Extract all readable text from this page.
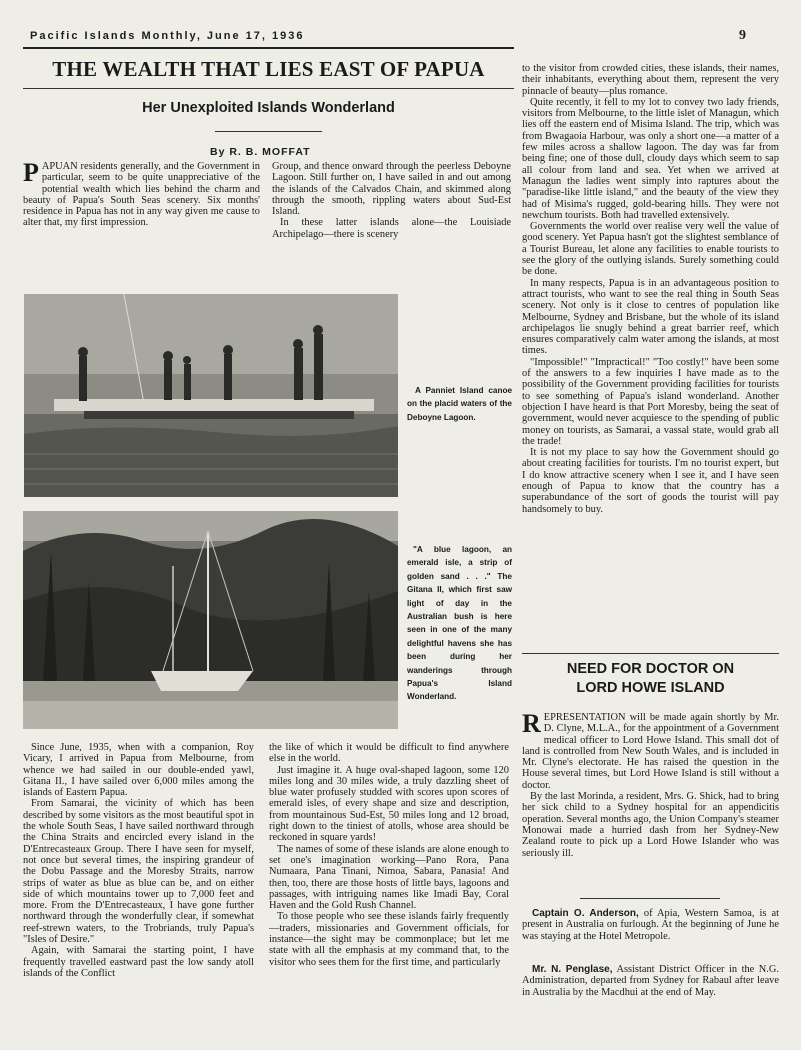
Pacific Islands Monthly, June 17, 1936	9
THE WEALTH THAT LIES EAST OF PAPUA
Her Unexploited Islands Wonderland
By R. B. MOFFAT
PAPUAN residents generally, and the Government in particular, seem to be quite unappreciative of the potential wealth which lies behind the charm and beauty of Papua's South Seas scenery. Six months' residence in Papua has not in any way given me cause to alter that, my first impression.

Group, and thence onward through the peerless Deboyne Lagoon. Still further on, I have sailed in and out among the islands of the Calvados Chain, and skimmed along through the smooth, rippling waters about Sud-Est Island.

In these latter islands alone—the Louisiade Archipelago—there is scenery

A Panniet Island canoe on the placid waters of the Deboyne Lagoon.
"A blue lagoon, an emerald isle, a strip of golden sand . . ." The Gitana II, which first saw light of day in the Australian bush is here seen in one of the many delightful havens she has been during her wanderings through Papua's Island Wonderland.

Since June, 1935, when with a companion, Roy Vicary, I arrived in Papua from Melbourne, from whence we had sailed in our double-ended yawl, Gitana II., I have sailed over 6,000 miles among the islands of Eastern Papua.

From Samarai, the vicinity of which has been described by some visitors as the most beautiful spot in the whole South Seas, I have sailed northward through the China Straits and encircled every island in the D'Entrecasteaux Group. There I have seen for myself, not once but several times, the inspiring grandeur of the Dobu Passage and the Moresby Straits, narrow strips of water as blue as blue can be, and on either side of which mountains tower up to 7,000 feet and more. From the D'Entrecasteaux, I have gone further northward through the wonderfully clear, if somewhat reef-strewn waters, to the Trobriands, truly Papua's "Isles of Desire."

Again, with Samarai the starting point, I have frequently travelled eastward past the low sandy atoll islands of the Conflict

the like of which it would be difficult to find anywhere else in the world.

Just imagine it. A huge oval-shaped lagoon, some 120 miles long and 30 miles wide, a truly dazzling sheet of blue water profusely studded with scores upon scores of emerald isles, of every shape and size and description, from mountainous Sud-Est, 50 miles long and 12 broad, right down to the tiniest of atolls, whose area should be reckoned in square yards!

The names of some of these islands are alone enough to set one's imagination working—Pano Rora, Pana Numaara, Pana Tinani, Nimoa, Sabara, Panasia! And then, too, there are those hosts of little bays, lagoons and passages, with intriguing names like Imadi Bay, Coral Haven and the Gold Rush Channel.

To those people who see these islands fairly frequently—traders, missionaries and Government officials, for instance—the sight may be commonplace; but let me state with all the emphasis at my command that, to the visitor who sees them for the first time, and particularly

to the visitor from crowded cities, these islands, their names, their inhabitants, everything about them, represent the very pinnacle of beauty—plus romance.

Quite recently, it fell to my lot to convey two lady friends, visitors from Melbourne, to the little islet of Managun, which lies off the eastern end of Misima Island. The trip, which was from Bwagaoia Harbour, was only a short one—a matter of a few miles across a shallow lagoon. The day was far from being fine; one of those dull, cloudy days which seem to sap all colour from land and sea. Yet when we arrived at Managun the ladies went simply into raptures about the "paradise-like little island," and the beauty of the view they had of Misima's rugged, gold-bearing hills. They were not newchum tourists. Both had travelled extensively.

Governments the world over realise very well the value of good scenery. Yet Papua hasn't got the slightest semblance of a Tourist Bureau, let alone any facilities to enable tourists to see the glory of the outlying islands. Surely something could be done.

In many respects, Papua is in an advantageous position to attract tourists, who want to see the real thing in South Seas scenery. Not only is it close to centres of population like Melbourne, Sydney and Brisbane, but the whole of its island archipelagos lie snugly behind a great barrier reef, which ensures comparatively calm water among the islands, at most times.

"Impossible!" "Impractical!" "Too costly!" have been some of the answers to a few inquiries I have made as to the possibility of the Government providing facilities for tourists to see something of Papua's island wonderland. Another objection I have heard is that Port Moresby, being the seat of government, would never acquiesce to the spending of public money on tourists, as Samarai, a vassal state, would grab all the trade!

It is not my place to say how the Government should go about creating facilities for tourists. I'm no tourist expert, but I do know attractive scenery when I see it, and I have seen enough of Papua to know that the country has a superabundance of the sort of goods the tourist will pay handsomely to buy.

NEED FOR DOCTOR ON
LORD HOWE ISLAND
REPRESENTATION will be made again shortly by Mr. D. Clyne, M.L.A., for the appointment of a Government medical officer to Lord Howe Island. This small dot of land is controlled from New South Wales, and is included in Mr. Clyne's electorate. He has raised the question in the House several times, but Lord Howe Island is still without a doctor.

By the last Morinda, a resident, Mrs. G. Shick, had to bring her sick child to a Sydney hospital for an appendicitis operation. Several months ago, the Union Company's steamer Monowai made a hurried dash from her Sydney-New Zealand route to pick up a Lord Howe Islander who was seriously ill.

Captain O. Anderson, of Apia, Western Samoa, is at present in Australia on furlough. At the beginning of June he was staying at the Hotel Metropole.
Mr. N. Penglase, Assistant District Officer in the N.G. Administration, departed from Sydney for Rabaul after leave in Australia by the Macdhui at the end of May.
